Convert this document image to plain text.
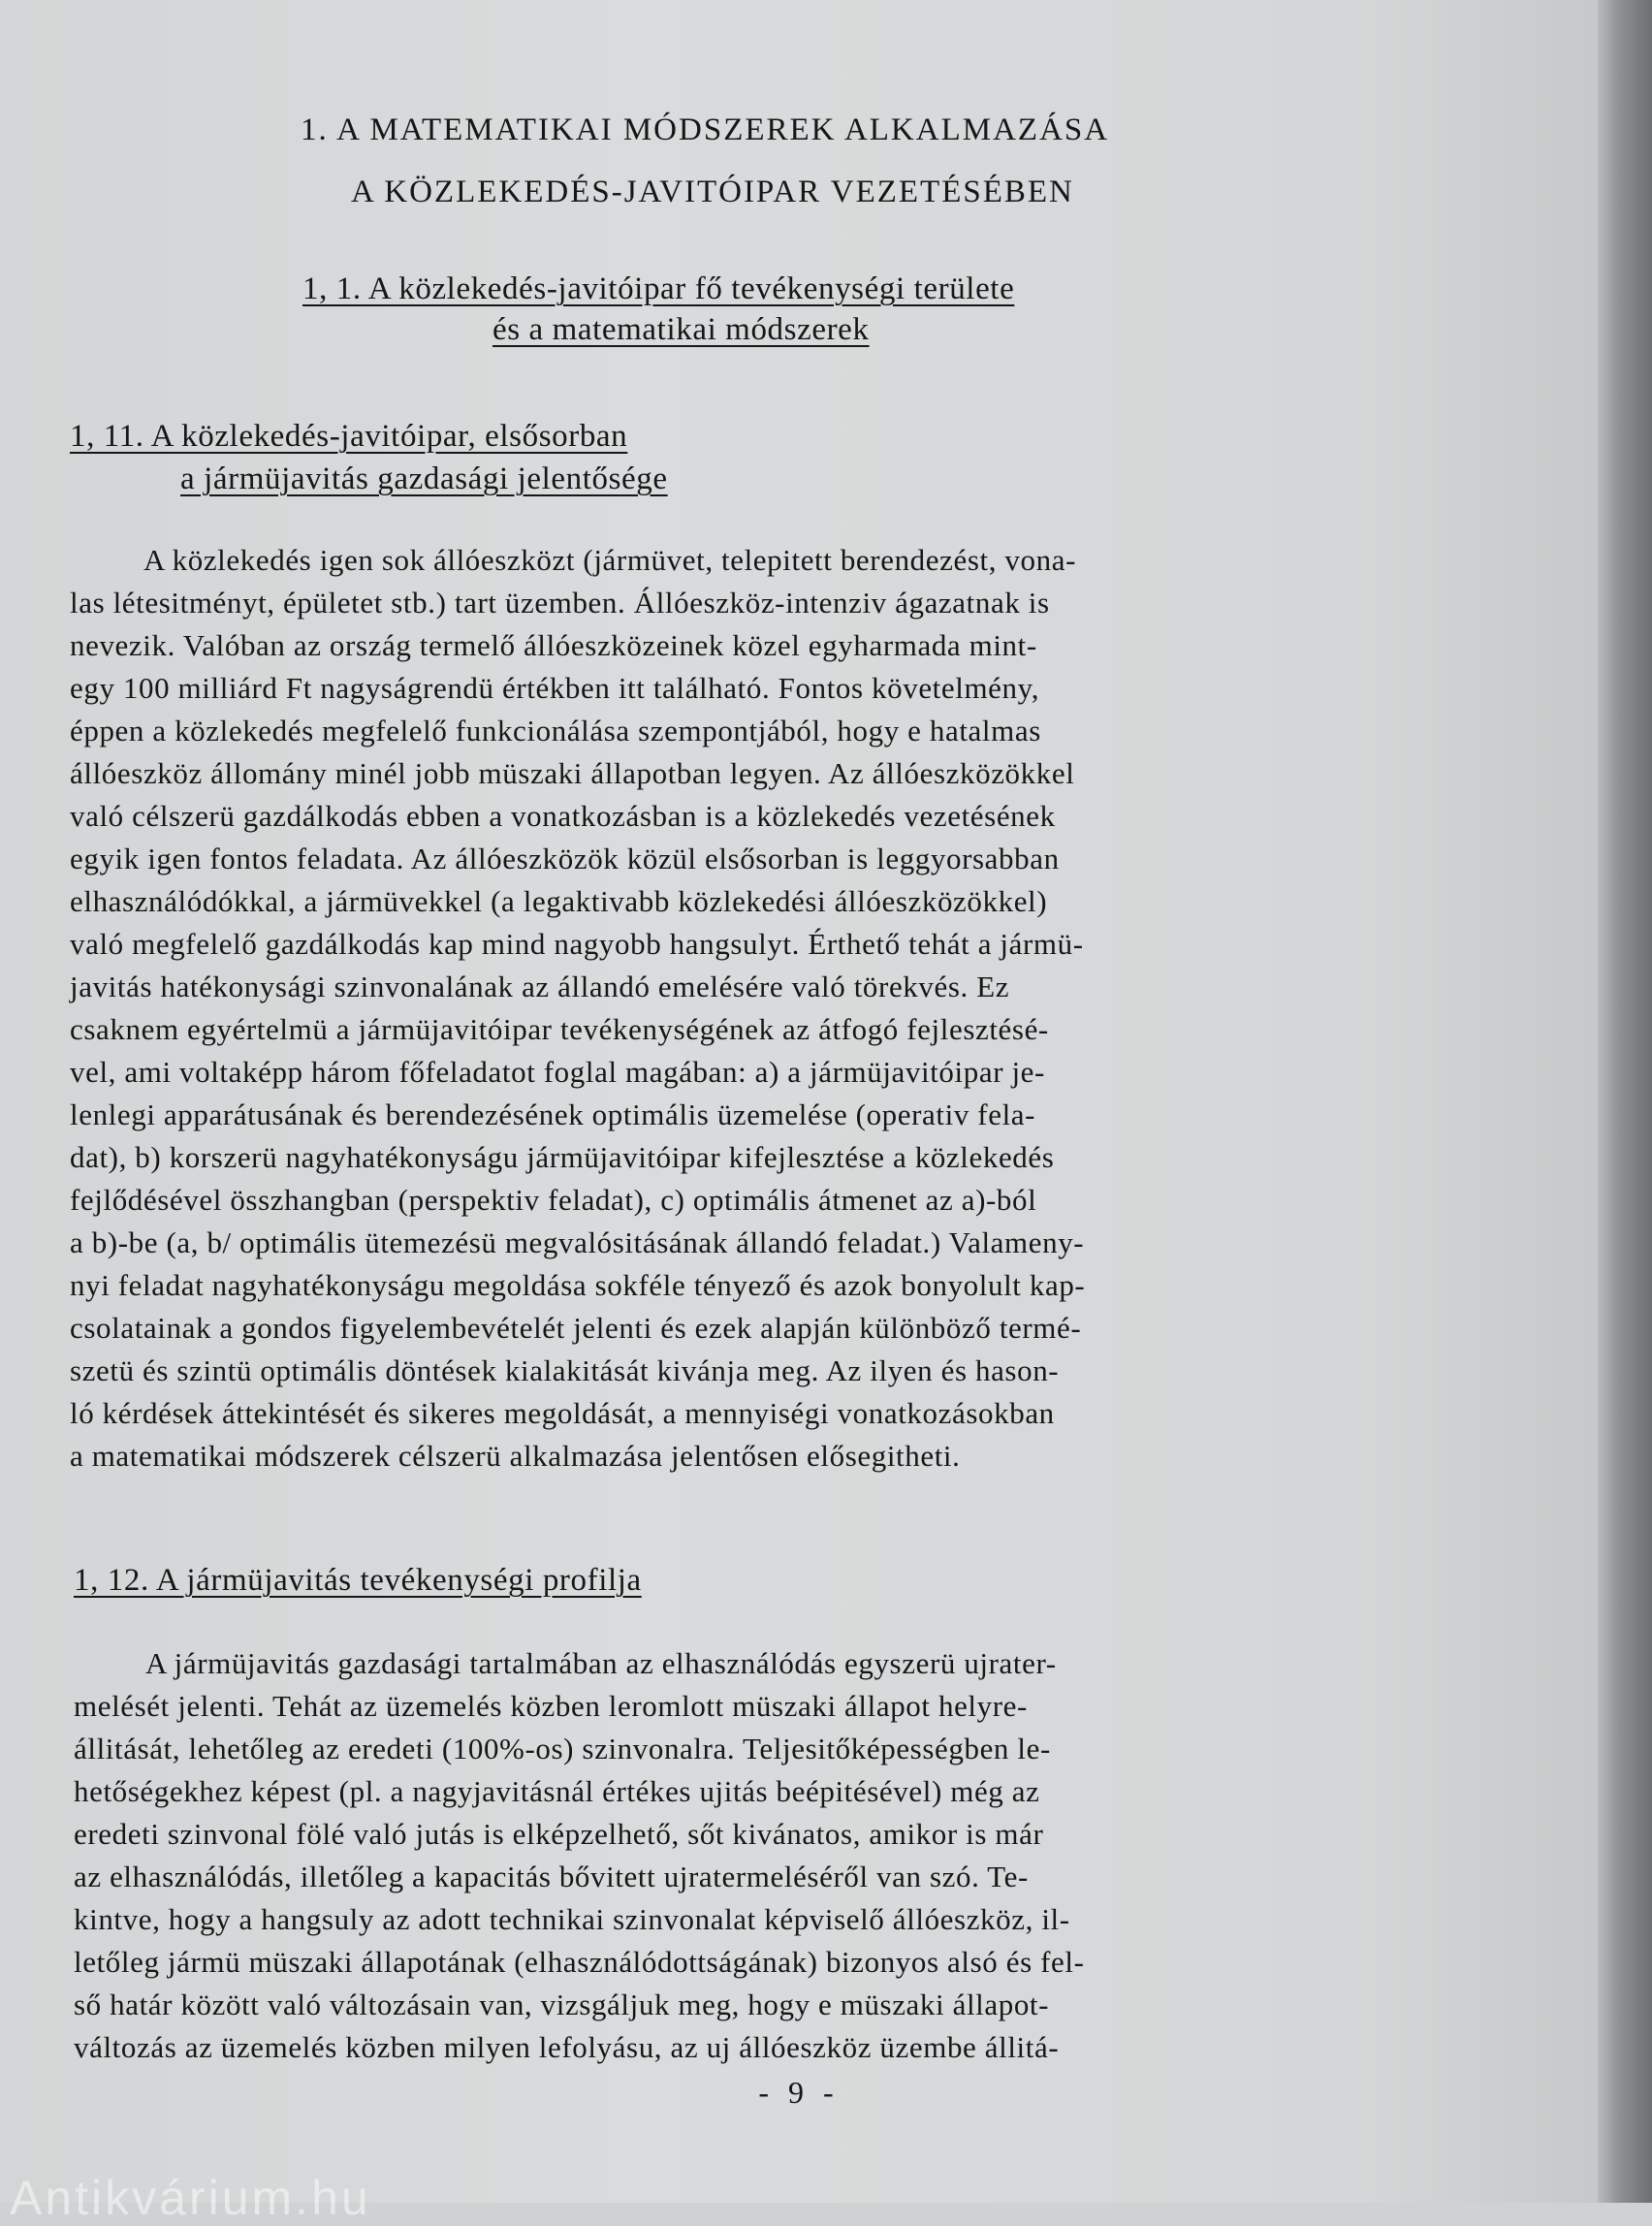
1. A MATEMATIKAI MÓDSZEREK ALKALMAZÁSA
A KÖZLEKEDÉS-JAVITÓIPAR VEZETÉSÉBEN
1, 1. A közlekedés-javitóipar fő tevékenységi területe
és a matematikai módszerek
1, 11. A közlekedés-javitóipar, elsősorban
a jármüjavitás gazdasági jelentősége
A közlekedés igen sok állóeszközt (jármüvet, telepitett berendezést, vona-
las létesitményt, épületet stb.) tart üzemben. Állóeszköz-intenziv ágazatnak is
nevezik. Valóban az ország termelő állóeszközeinek közel egyharmada mint-
egy 100 milliárd Ft nagyságrendü értékben itt található. Fontos követelmény,
éppen a közlekedés megfelelő funkcionálása szempontjából, hogy e hatalmas
állóeszköz állomány minél jobb müszaki állapotban legyen. Az állóeszközökkel
való célszerü gazdálkodás ebben a vonatkozásban is a közlekedés vezetésének
egyik igen fontos feladata. Az állóeszközök közül elsősorban is leggyorsabban
elhasználódókkal, a jármüvekkel (a legaktivabb közlekedési állóeszközökkel)
való megfelelő gazdálkodás kap mind nagyobb hangsulyt. Érthető tehát a jármü-
javitás hatékonysági szinvonalának az állandó emelésére való törekvés. Ez
csaknem egyértelmü a jármüjavitóipar tevékenységének az átfogó fejlesztésé-
vel, ami voltaképp három főfeladatot foglal magában: a) a jármüjavitóipar je-
lenlegi apparátusának és berendezésének optimális üzemelése (operativ fela-
dat), b) korszerü nagyhatékonyságu jármüjavitóipar kifejlesztése a közlekedés
fejlődésével összhangban (perspektiv feladat), c) optimális átmenet az a)-ból
a b)-be (a, b/ optimális ütemezésü megvalósitásának állandó feladat.) Valameny-
nyi feladat nagyhatékonyságu megoldása sokféle tényező és azok bonyolult kap-
csolatainak a gondos figyelembevételét jelenti és ezek alapján különböző termé-
szetü és szintü optimális döntések kialakitását kivánja meg. Az ilyen és hason-
ló kérdések áttekintését és sikeres megoldását, a mennyiségi vonatkozásokban
a matematikai módszerek célszerü alkalmazása jelentősen elősegitheti.
1, 12. A jármüjavitás tevékenységi profilja
A jármüjavitás gazdasági tartalmában az elhasználódás egyszerü ujrater-
melését jelenti. Tehát az üzemelés közben leromlott müszaki állapot helyre-
állitását, lehetőleg az eredeti (100%-os) szinvonalra. Teljesitőképességben le-
hetőségekhez képest (pl. a nagyjavitásnál értékes ujitás beépitésével) még az
eredeti szinvonal fölé való jutás is elképzelhető, sőt kivánatos, amikor is már
az elhasználódás, illetőleg a kapacitás bővitett ujratermeléséről van szó. Te-
kintve, hogy a hangsuly az adott technikai szinvonalat képviselő állóeszköz, il-
letőleg jármü müszaki állapotának (elhasználódottságának) bizonyos alsó és fel-
ső határ között való változásain van, vizsgáljuk meg, hogy e müszaki állapot-
változás az üzemelés közben milyen lefolyásu, az uj állóeszköz üzembe állitá-
- 9 -
Antikvárium.hu
